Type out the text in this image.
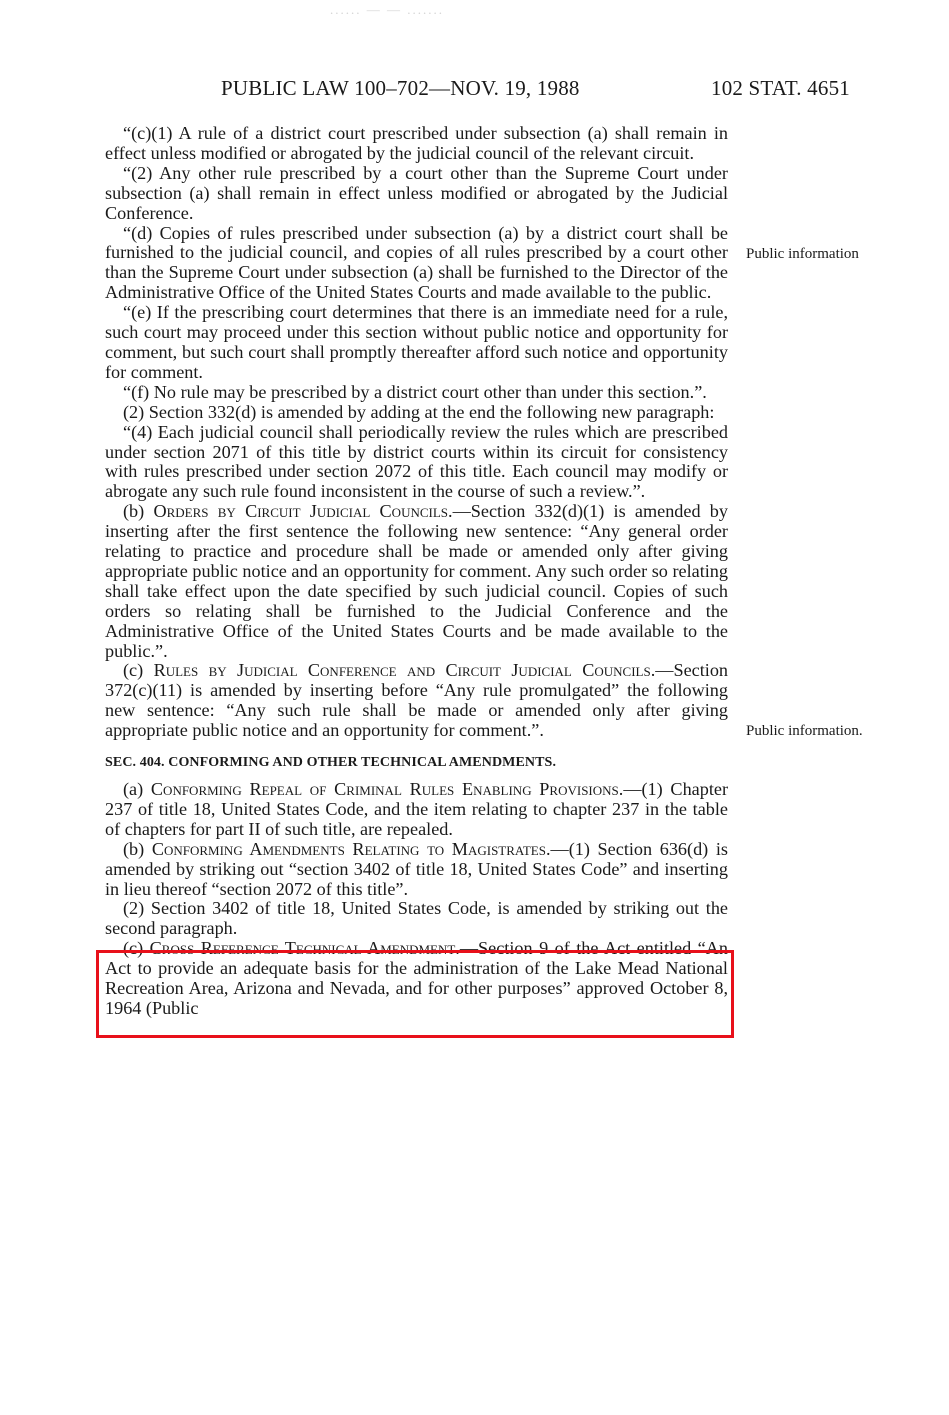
...... — — .......
PUBLIC LAW 100–702—NOV. 19, 1988	102 STAT. 4651

“(c)(1) A rule of a district court prescribed under subsection (a) shall remain in effect unless modified or abrogated by the judicial council of the relevant circuit.

“(2) Any other rule prescribed by a court other than the Supreme Court under subsection (a) shall remain in effect unless modified or abrogated by the Judicial Conference.

“(d) Copies of rules prescribed under subsection (a) by a district court shall be furnished to the judicial council, and copies of all rules prescribed by a court other than the Supreme Court under subsection (a) shall be furnished to the Director of the Administrative Office of the United States Courts and made available to the public.

“(e) If the prescribing court determines that there is an immediate need for a rule, such court may proceed under this section without public notice and opportunity for comment, but such court shall promptly thereafter afford such notice and opportunity for comment.

“(f) No rule may be prescribed by a district court other than under this section.”.

(2) Section 332(d) is amended by adding at the end the following new paragraph:

“(4) Each judicial council shall periodically review the rules which are prescribed under section 2071 of this title by district courts within its circuit for consistency with rules prescribed under section 2072 of this title. Each council may modify or abrogate any such rule found inconsistent in the course of such a review.”.

(b) Orders by Circuit Judicial Councils.—Section 332(d)(1) is amended by inserting after the first sentence the following new sentence: “Any general order relating to practice and procedure shall be made or amended only after giving appropriate public notice and an opportunity for comment. Any such order so relating shall take effect upon the date specified by such judicial council. Copies of such orders so relating shall be furnished to the Judicial Conference and the Administrative Office of the United States Courts and be made available to the public.”.

(c) Rules by Judicial Conference and Circuit Judicial Councils.—Section 372(c)(11) is amended by inserting before “Any rule promulgated” the following new sentence: “Any such rule shall be made or amended only after giving appropriate public notice and an opportunity for comment.”.

SEC. 404. CONFORMING AND OTHER TECHNICAL AMENDMENTS.

(a) Conforming Repeal of Criminal Rules Enabling Provisions.—(1) Chapter 237 of title 18, United States Code, and the item relating to chapter 237 in the table of chapters for part II of such title, are repealed.

(b) Conforming Amendments Relating to Magistrates.—(1) Section 636(d) is amended by striking out “section 3402 of title 18, United States Code” and inserting in lieu thereof “section 2072 of this title”.

(2) Section 3402 of title 18, United States Code, is amended by striking out the second paragraph.

(c) Cross Reference Technical Amendment.—Section 9 of the Act entitled “An Act to provide an adequate basis for the administration of the Lake Mead National Recreation Area, Arizona and Nevada, and for other purposes” approved October 8, 1964 (Public

Public information
Public information.
